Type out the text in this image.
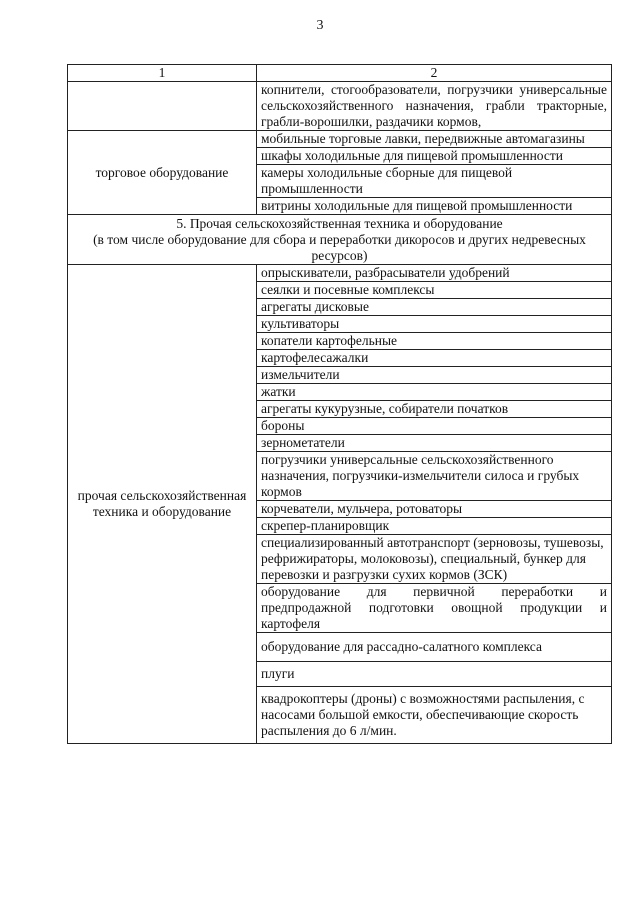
3
1	2
	копнители, стогообразователи, погрузчики универсальные сельскохозяйственного назначения, грабли тракторные, грабли-ворошилки, раздачики кормов,
торговое оборудование	мобильные торговые лавки, передвижные автомагазины
	шкафы холодильные для пищевой промышленности
	камеры холодильные сборные для пищевой промышленности
	витрины холодильные для пищевой промышленности

5. Прочая сельскохозяйственная техника и оборудование
(в том числе оборудование для сбора и переработки дикоросов и других недревесных ресурсов)	

прочая сельскохозяйственная техника и оборудование	опрыскиватели, разбрасыватели удобрений
	сеялки и посевные комплексы
	агрегаты дисковые
	культиваторы
	копатели картофельные
	картофелесажалки
	измельчители
	жатки
	агрегаты кукурузные, собиратели початков
	бороны
	зернометатели
	погрузчики универсальные сельскохозяйственного назначения, погрузчики-измельчители силоса и грубых кормов
	корчеватели, мульчера, ротоваторы
	скрепер-планировщик
	специализированный автотранспорт (зерновозы, тушевозы, рефрижираторы, молоковозы), специальный, бункер для перевозки и разгрузки сухих кормов (ЗСК)
	оборудование для первичной переработки и предпродажной подготовки овощной продукции и картофеля
	оборудование для рассадно-салатного комплекса
	плуги
	квадрокоптеры (дроны) с возможностями распыления, с насосами большой емкости, обеспечивающие скорость распыления до 6 л/мин.
